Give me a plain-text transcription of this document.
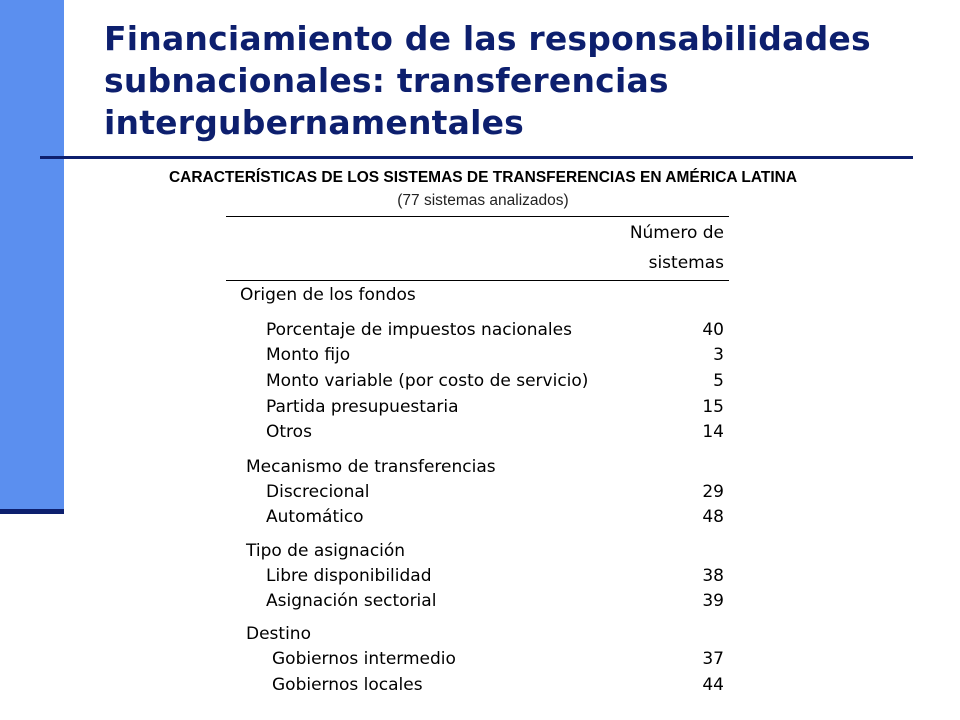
Financiamiento de las responsabilidades
subnacionales: transferencias
intergubernamentales
CARACTERÍSTICAS DE LOS SISTEMAS DE TRANSFERENCIAS EN AMÉRICA LATINA
(77 sistemas analizados)
Número de
sistemas
Origen de los fondos
Porcentaje de impuestos nacionales	40
Monto fijo	3
Monto variable (por costo de servicio)	5
Partida presupuestaria	15
Otros	14
Mecanismo de transferencias
Discrecional	29
Automático	48
Tipo de asignación
Libre disponibilidad	38
Asignación sectorial	39
Destino
Gobiernos intermedio	37
Gobiernos locales	44
